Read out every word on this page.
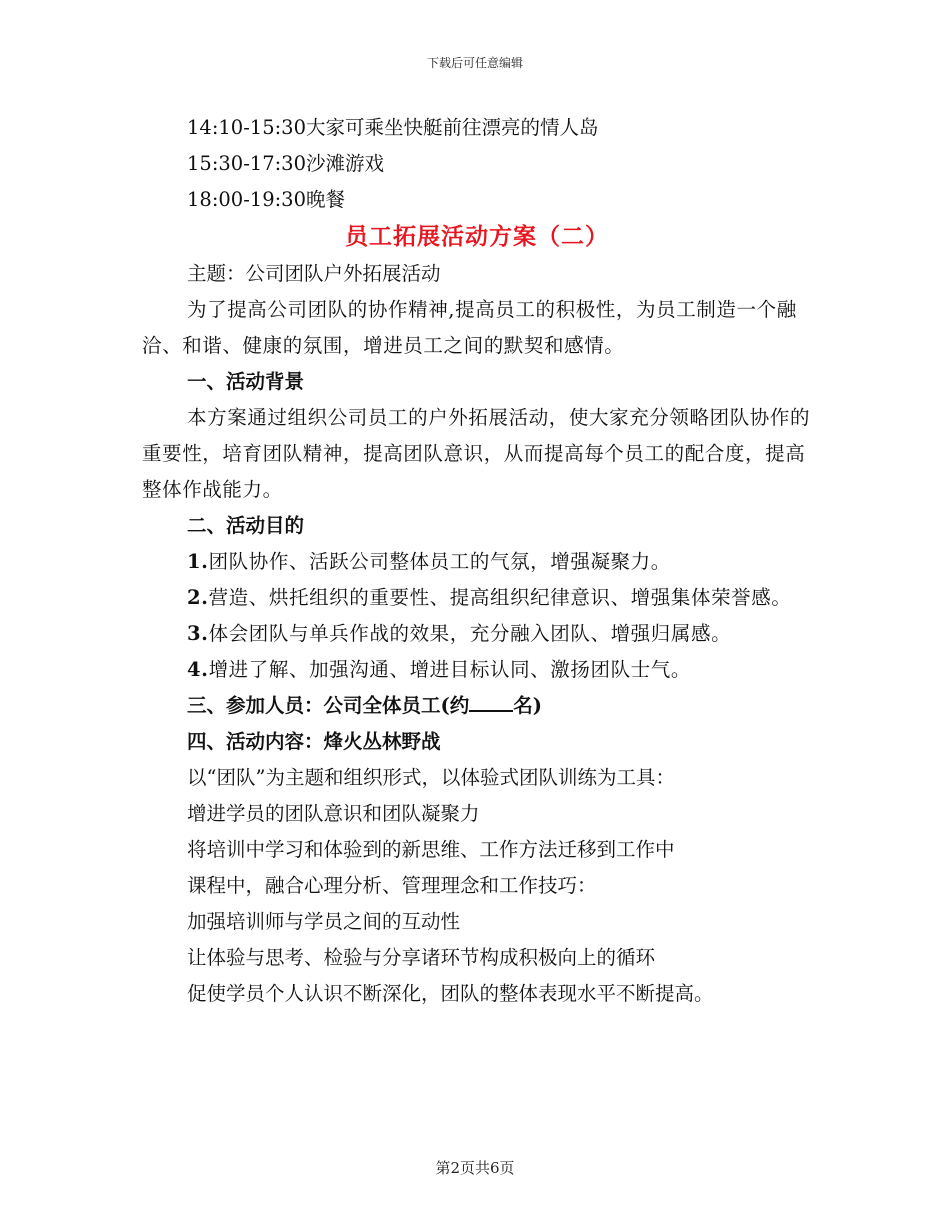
下载后可任意编辑
14:10-15:30大家可乘坐快艇前往漂亮的情人岛
15:30-17:30沙滩游戏
18:00-19:30晚餐
员工拓展活动方案（二）
主题：公司团队户外拓展活动
为了提高公司团队的协作精神,提高员工的积极性，为员工制造一个融洽、和谐、健康的氛围，增进员工之间的默契和感情。
一、活动背景
本方案通过组织公司员工的户外拓展活动，使大家充分领略团队协作的重要性，培育团队精神，提高团队意识，从而提高每个员工的配合度，提高整体作战能力。
二、活动目的
1.团队协作、活跃公司整体员工的气氛，增强凝聚力。
2.营造、烘托组织的重要性、提高组织纪律意识、增强集体荣誉感。
3.体会团队与单兵作战的效果，充分融入团队、增强归属感。
4.增进了解、加强沟通、增进目标认同、激扬团队士气。
三、参加人员：公司全体员工(约 名)
四、活动内容：烽火丛林野战
以“团队”为主题和组织形式，以体验式团队训练为工具：
增进学员的团队意识和团队凝聚力
将培训中学习和体验到的新思维、工作方法迁移到工作中
课程中，融合心理分析、管理理念和工作技巧：
加强培训师与学员之间的互动性
让体验与思考、检验与分享诸环节构成积极向上的循环
促使学员个人认识不断深化，团队的整体表现水平不断提高。
第2页共6页
